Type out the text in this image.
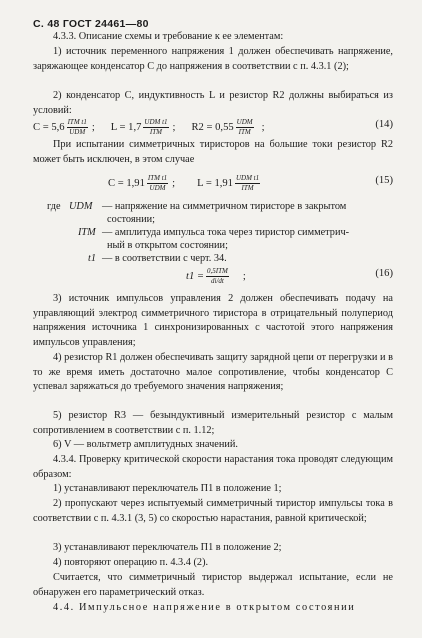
С. 48 ГОСТ 24461—80

4.3.3. Описание схемы и требование к ее элементам:

1) источник переменного напряжения 1 должен обеспечивать напряжение, заряжающее конденсатор С до напряжения в соответствии с п. 4.3.1 (2);

2) конденсатор С, индуктивность L и резистор R2 должны выбираться из условий:

$C = 5,6 \frac{\text{ITM t1}}{\text{UDM}}$ ; $L = 1,7 \frac{\text{UDM t1}}{\text{ITM}}$ ; $R2 = 0,55 \frac{\text{UDM}}{\text{ITM}}$ ;	(14)

При испытании симметричных тиристоров на большие токи резистор R2 может быть исключен, в этом случае

$C = 1,91 \frac{\text{ITM t1}}{\text{UDM}}$ ; $L = 1,91 \frac{\text{UDM t1}}{\text{ITM}}$	(15)
где UDM — напряжение на симметричном тиристоре в закрытом
состоянии;
ITM — амплитуда импульса тока через тиристор симметрич-
ный в открытом состоянии;
t1 — в соответствии с черт. 34.
$t1 = \frac{\text{0,5ITM}}{di/dt}$ ;	(16)

3) источник импульсов управления 2 должен обеспечивать подачу на управляющий электрод симметричного тиристора в отрицательный полупериод напряжения источника 1 синхронизированных с частотой этого напряжения импульсов управления;

4) резистор R1 должен обеспечивать защиту зарядной цепи от перегрузки и в то же время иметь достаточно малое сопротивление, чтобы конденсатор С успевал заряжаться до требуемого значения напряжения;

5) резистор R3 — безындуктивный измерительный резистор с малым сопротивлением в соответствии с п. 1.12;

6) V — вольтметр амплитудных значений.

4.3.4. Проверку критической скорости нарастания тока проводят следующим образом:

1) устанавливают переключатель П1 в положение 1;

2) пропускают через испытуемый симметричный тиристор импульсы тока в соответствии с п. 4.3.1 (3, 5) со скоростью нарастания, равной критической;

3) устанавливают переключатель П1 в положение 2;

4) повторяют операцию п. 4.3.4 (2).

Считается, что симметричный тиристор выдержал испытание, если не обнаружен его параметрический отказ.

4.4. Импульсное напряжение в открытом состоянии
